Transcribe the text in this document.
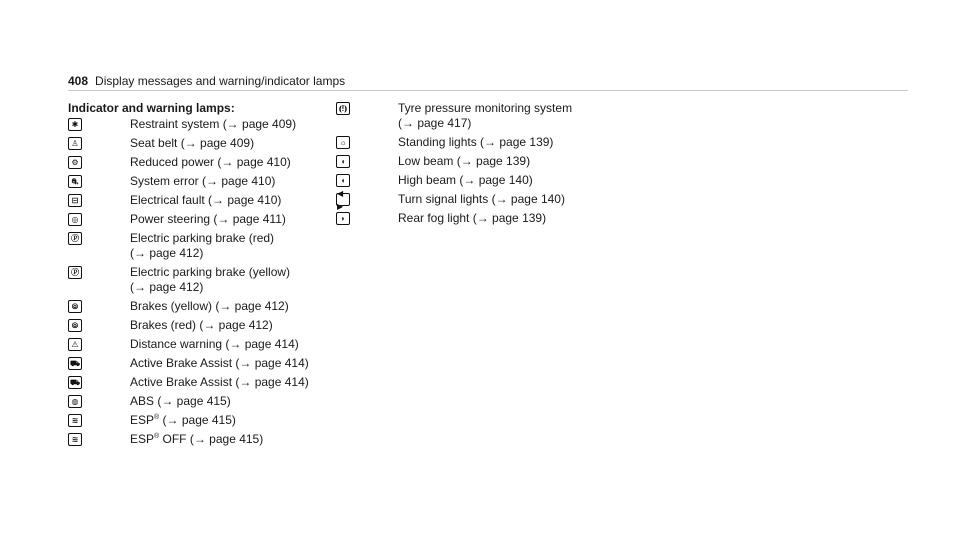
408 Display messages and warning/indicator lamps
Indicator and warning lamps:
✱	Restraint system (→ page 409)
♙	Seat belt (→ page 409)
⚙	Reduced power (→ page 410)
⛐	System error (→ page 410)
⊟	Electrical fault (→ page 410)
◎	Power steering (→ page 411)
Ⓟ	Electric parking brake (red)
(→ page 412)
Ⓟ	Electric parking brake (yellow)
(→ page 412)
⦾	Brakes (yellow) (→ page 412)
⦾	Brakes (red) (→ page 412)
⚠	Distance warning (→ page 414)
⛟	Active Brake Assist (→ page 414)
⛟	Active Brake Assist (→ page 414)
◍	ABS (→ page 415)
≋	ESP® (→ page 415)
≋	ESP® OFF (→ page 415)
⦅!⦆	Tyre pressure monitoring system
(→ page 417)
☼	Standing lights (→ page 139)
◖	Low beam (→ page 139)
◖	High beam (→ page 140)
◀ ▶	Turn signal lights (→ page 140)
◗	Rear fog light (→ page 139)
